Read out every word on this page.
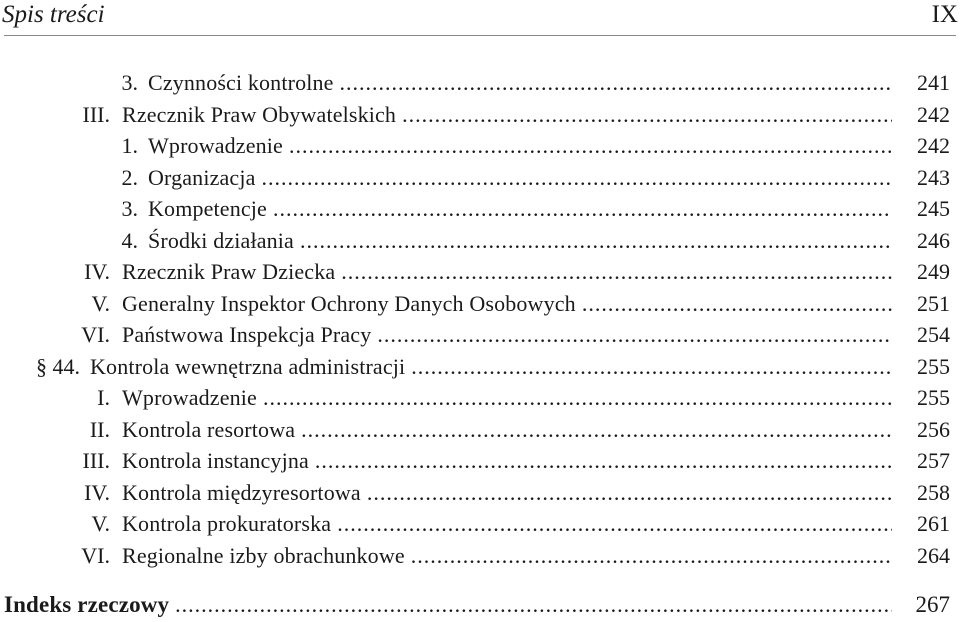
Spis treści	IX
3. Czynności kontrolne .....	241
III. Rzecznik Praw Obywatelskich .....	242
1. Wprowadzenie .....	242
2. Organizacja .....	243
3. Kompetencje .....	245
4. Środki działania .....	246
IV. Rzecznik Praw Dziecka .....	249
V. Generalny Inspektor Ochrony Danych Osobowych .....	251
VI. Państwowa Inspekcja Pracy .....	254
§ 44. Kontrola wewnętrzna administracji .....	255
I. Wprowadzenie .....	255
II. Kontrola resortowa .....	256
III. Kontrola instancyjna .....	257
IV. Kontrola międzyresortowa .....	258
V. Kontrola prokuratorska .....	261
VI. Regionalne izby obrachunkowe .....	264
Indeks rzeczowy .....	267
